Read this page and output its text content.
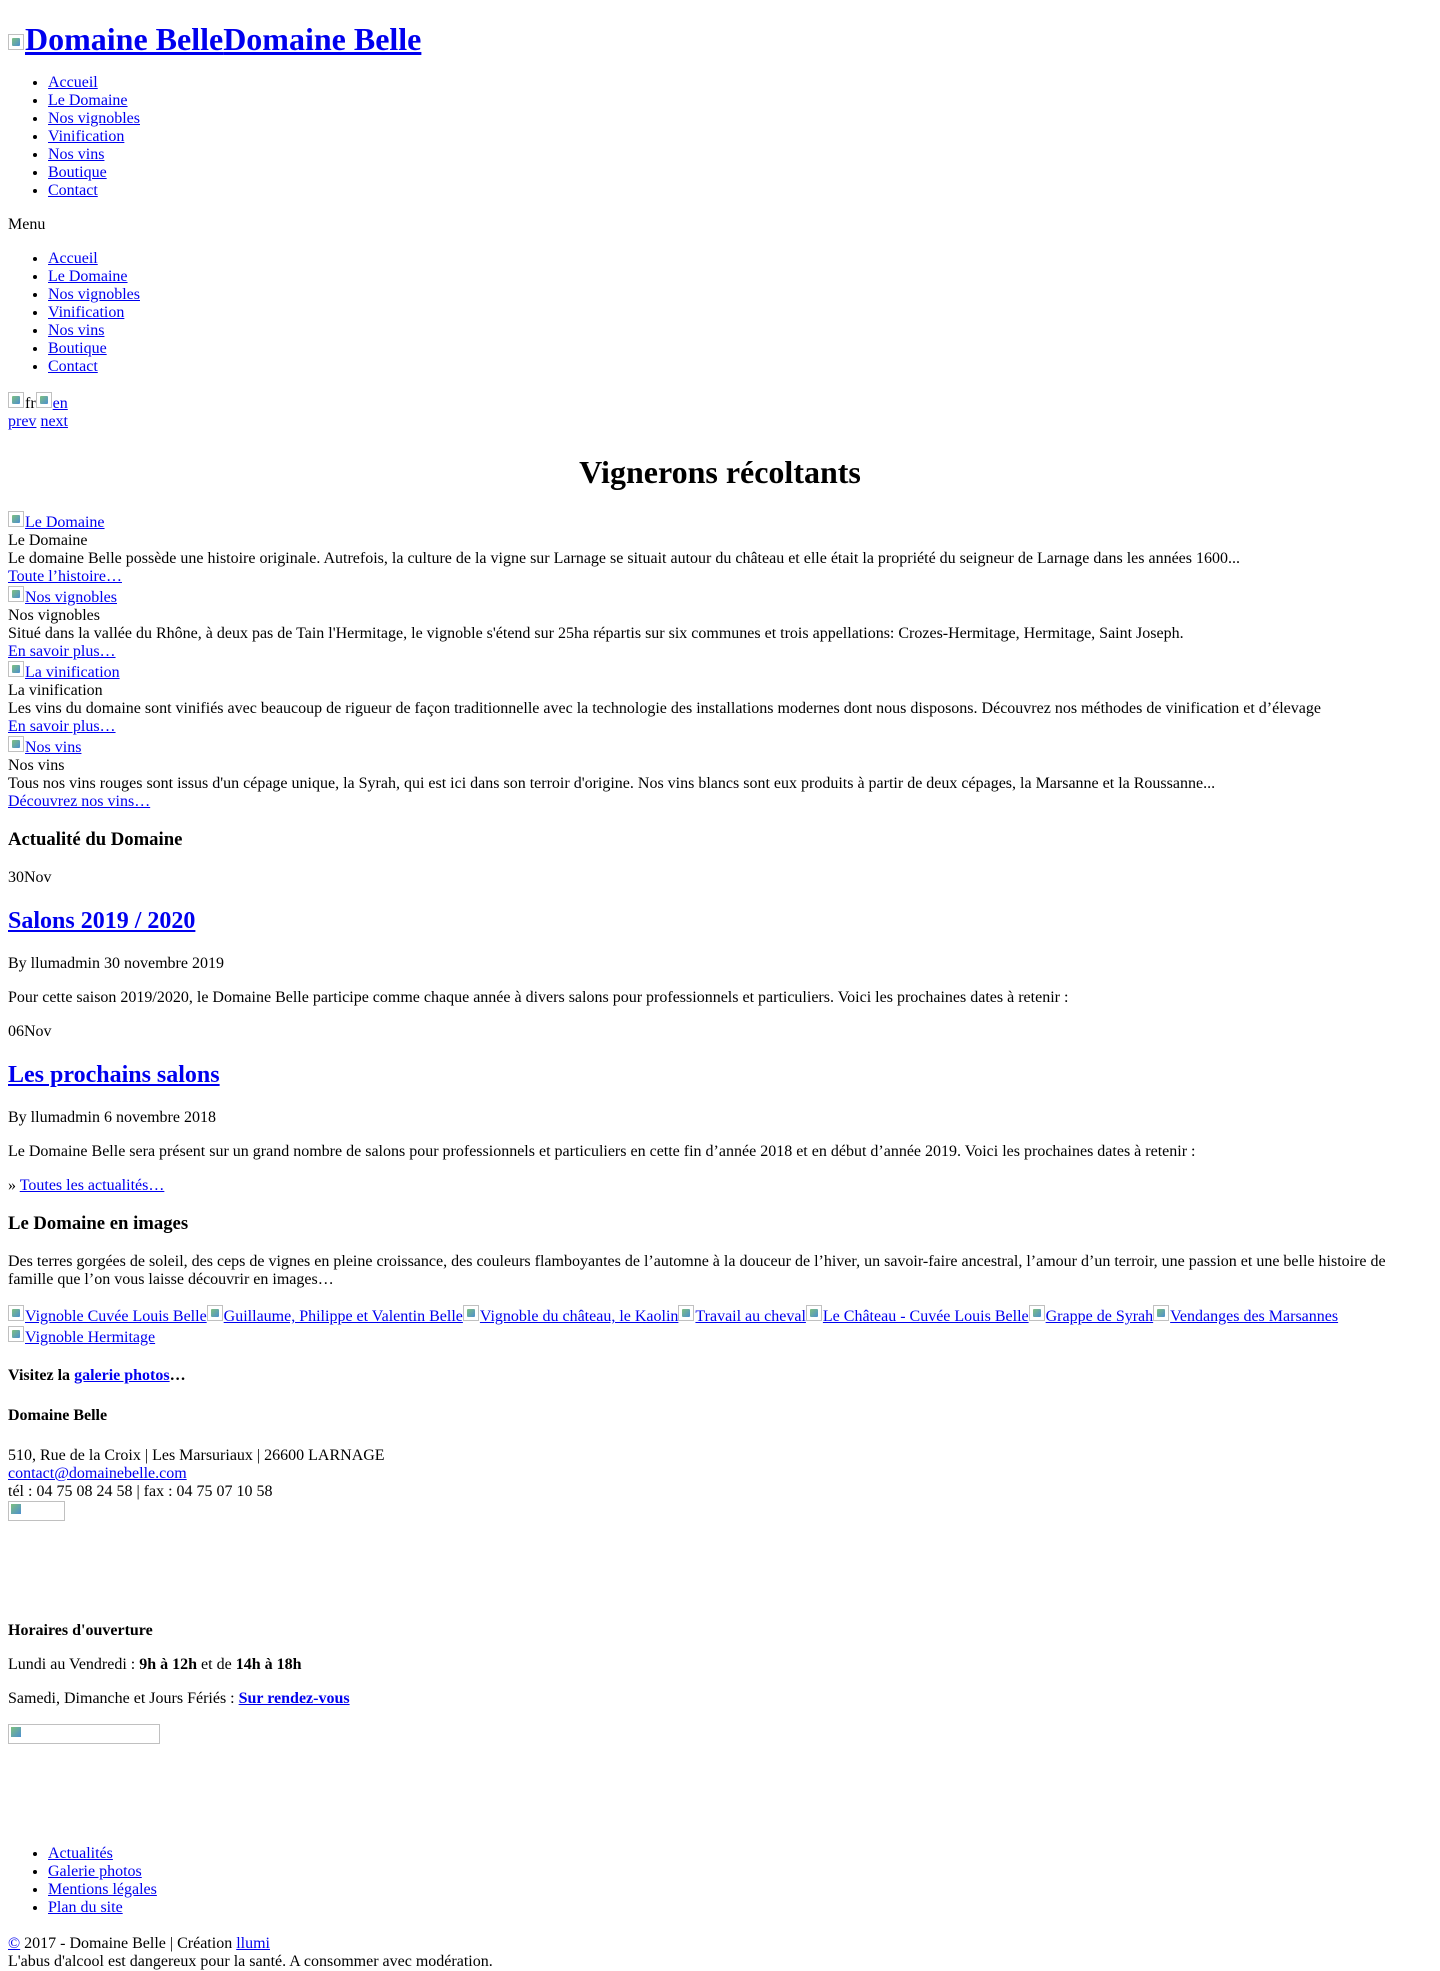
Domaine BelleDomaine Belle
• Accueil
• Le Domaine
• Nos vignobles
• Vinification
• Nos vins
• Boutique
• Contact
Menu
• Accueil
• Le Domaine
• Nos vignobles
• Vinification
• Nos vins
• Boutique
• Contact
fr en
prev next
Vignerons récoltants
Le Domaine
Le Domaine
Le domaine Belle possède une histoire originale. Autrefois, la culture de la vigne sur Larnage se situait autour du château et elle était la propriété du seigneur de Larnage dans les années 1600...
Toute l’histoire…
Nos vignobles
Nos vignobles
Situé dans la vallée du Rhône, à deux pas de Tain l'Hermitage, le vignoble s'étend sur 25ha répartis sur six communes et trois appellations: Crozes-Hermitage, Hermitage, Saint Joseph.
En savoir plus…
La vinification
La vinification
Les vins du domaine sont vinifiés avec beaucoup de rigueur de façon traditionnelle avec la technologie des installations modernes dont nous disposons. Découvrez nos méthodes de vinification et d’élevage
En savoir plus…
Nos vins
Nos vins
Tous nos vins rouges sont issus d'un cépage unique, la Syrah, qui est ici dans son terroir d'origine. Nos vins blancs sont eux produits à partir de deux cépages, la Marsanne et la Roussanne...
Découvrez nos vins…
Actualité du Domaine

30Nov

Salons 2019 / 2020

By llumadmin 30 novembre 2019

Pour cette saison 2019/2020, le Domaine Belle participe comme chaque année à divers salons pour professionnels et particuliers. Voici les prochaines dates à retenir :

06Nov

Les prochains salons

By llumadmin 6 novembre 2018

Le Domaine Belle sera présent sur un grand nombre de salons pour professionnels et particuliers en cette fin d’année 2018 et en début d’année 2019. Voici les prochaines dates à retenir :

» Toutes les actualités…

Le Domaine en images

Des terres gorgées de soleil, des ceps de vignes en pleine croissance, des couleurs flamboyantes de l’automne à la douceur de l’hiver, un savoir-faire ancestral, l’amour d’un terroir, une passion et une belle histoire de famille que l’on vous laisse découvrir en images…

Vignoble Cuvée Louis Belle Guillaume, Philippe et Valentin Belle Vignoble du château, le Kaolin Travail au cheval Le Château - Cuvée Louis Belle Grappe de Syrah Vendanges des Marsannes
Vignoble Hermitage

Visitez la galerie photos…

Domaine Belle

510, Rue de la Croix | Les Marsuriaux | 26600 LARNAGE
contact@domainebelle.com
tél : 04 75 08 24 58 | fax : 04 75 07 10 58

Horaires d'ouverture

Lundi au Vendredi : 9h à 12h et de 14h à 18h

Samedi, Dimanche et Jours Fériés : Sur rendez-vous

• Actualités
• Galerie photos
• Mentions légales
• Plan du site
© 2017 - Domaine Belle | Création llumi
L'abus d'alcool est dangereux pour la santé. A consommer avec modération.
